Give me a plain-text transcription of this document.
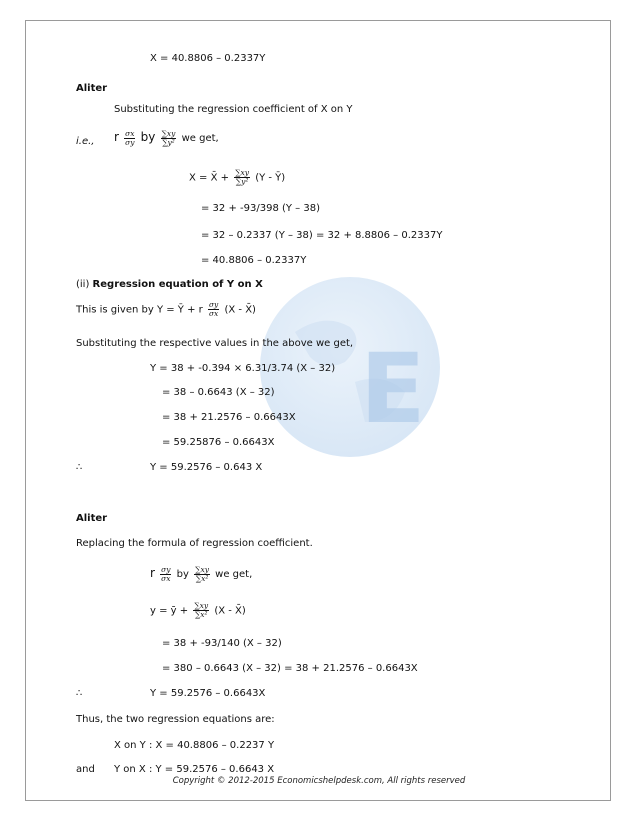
E
X = 40.8806 – 0.2337Y
Aliter
Substituting the regression coefficient of X on Y
i.e., r $\frac{\sigma x}{\sigma y}$ by $\frac{\sum xy}{\text{∑y²}}$ we get,
X = X̄ + $\frac{\sum xy}{\text{∑y²}} (Y$ - Ȳ)
= 32 + -93/398 (Y – 38)
= 32 – 0.2337 (Y – 38) = 32 + 8.8806 – 0.2337Y
= 40.8806 – 0.2337Y
(ii) Regression equation of Y on X
This is given by Y = Ȳ + r $\frac{\sigma y}{\sigma x} (X$ - X̄)
Substituting the respective values in the above we get,
Y = 38 + -0.394 × 6.31/3.74 (X – 32)
= 38 – 0.6643 (X – 32)
= 38 + 21.2576 – 0.6643X
= 59.25876 – 0.6643X
∴	Y = 59.2576 – 0.643 X
Aliter
Replacing the formula of regression coefficient.
r $\frac{\sigma y}{\sigma x}$ by $\frac{\sum xy}{\text{∑x²}}$ we get,
y = ȳ + $\frac{\sum xy}{\text{∑x²}} (X$ - X̄)
= 38 + -93/140 (X – 32)
= 380 – 0.6643 (X – 32) = 38 + 21.2576 – 0.6643X
∴	Y = 59.2576 – 0.6643X
Thus, the two regression equations are:
X on Y : X = 40.8806 – 0.2237 Y
and Y on X : Y = 59.2576 – 0.6643 X
Copyright © 2012-2015 Economicshelpdesk.com, All rights reserved
